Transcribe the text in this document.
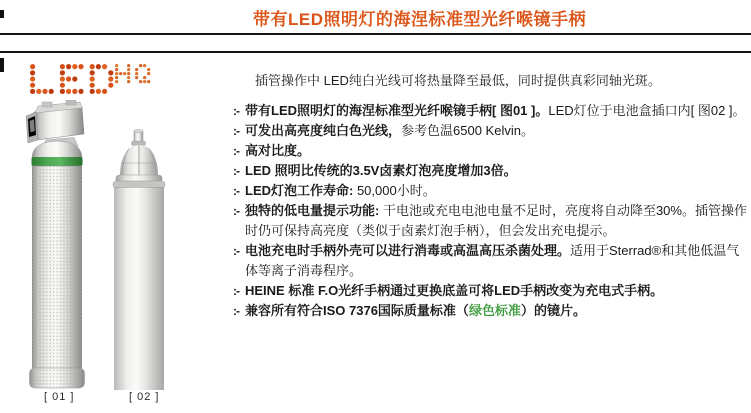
带有LED照明灯的海涅标准型光纤喉镜手柄
[ 01 ]	[ 02 ]
插管操作中 LED纯白光线可将热量降至最低，同时提供真彩同轴光斑。
:- 带有LED照明灯的海涅标准型光纤喉镜手柄[ 图01 ]。LED灯位于电池盒插口内[ 图02 ]。
:- 可发出高亮度纯白色光线，参考色温6500 Kelvin。
:- 高对比度。
:- LED 照明比传统的3.5V卤素灯泡亮度增加3倍。
:- LED灯泡工作寿命: 50,000小时。
:- 独特的低电量提示功能: 干电池或充电电池电量不足时，亮度将自动降至30%。插管操作时仍可保持高亮度（类似于卤素灯泡手柄），但会发出充电提示。
:- 电池充电时手柄外壳可以进行消毒或高温高压杀菌处理。适用于Sterrad®和其他低温气体等离子消毒程序。
:- HEINE 标准 F.O光纤手柄通过更换底盖可将LED手柄改变为充电式手柄。
:- 兼容所有符合ISO 7376国际质量标准（绿色标准）的镜片。
